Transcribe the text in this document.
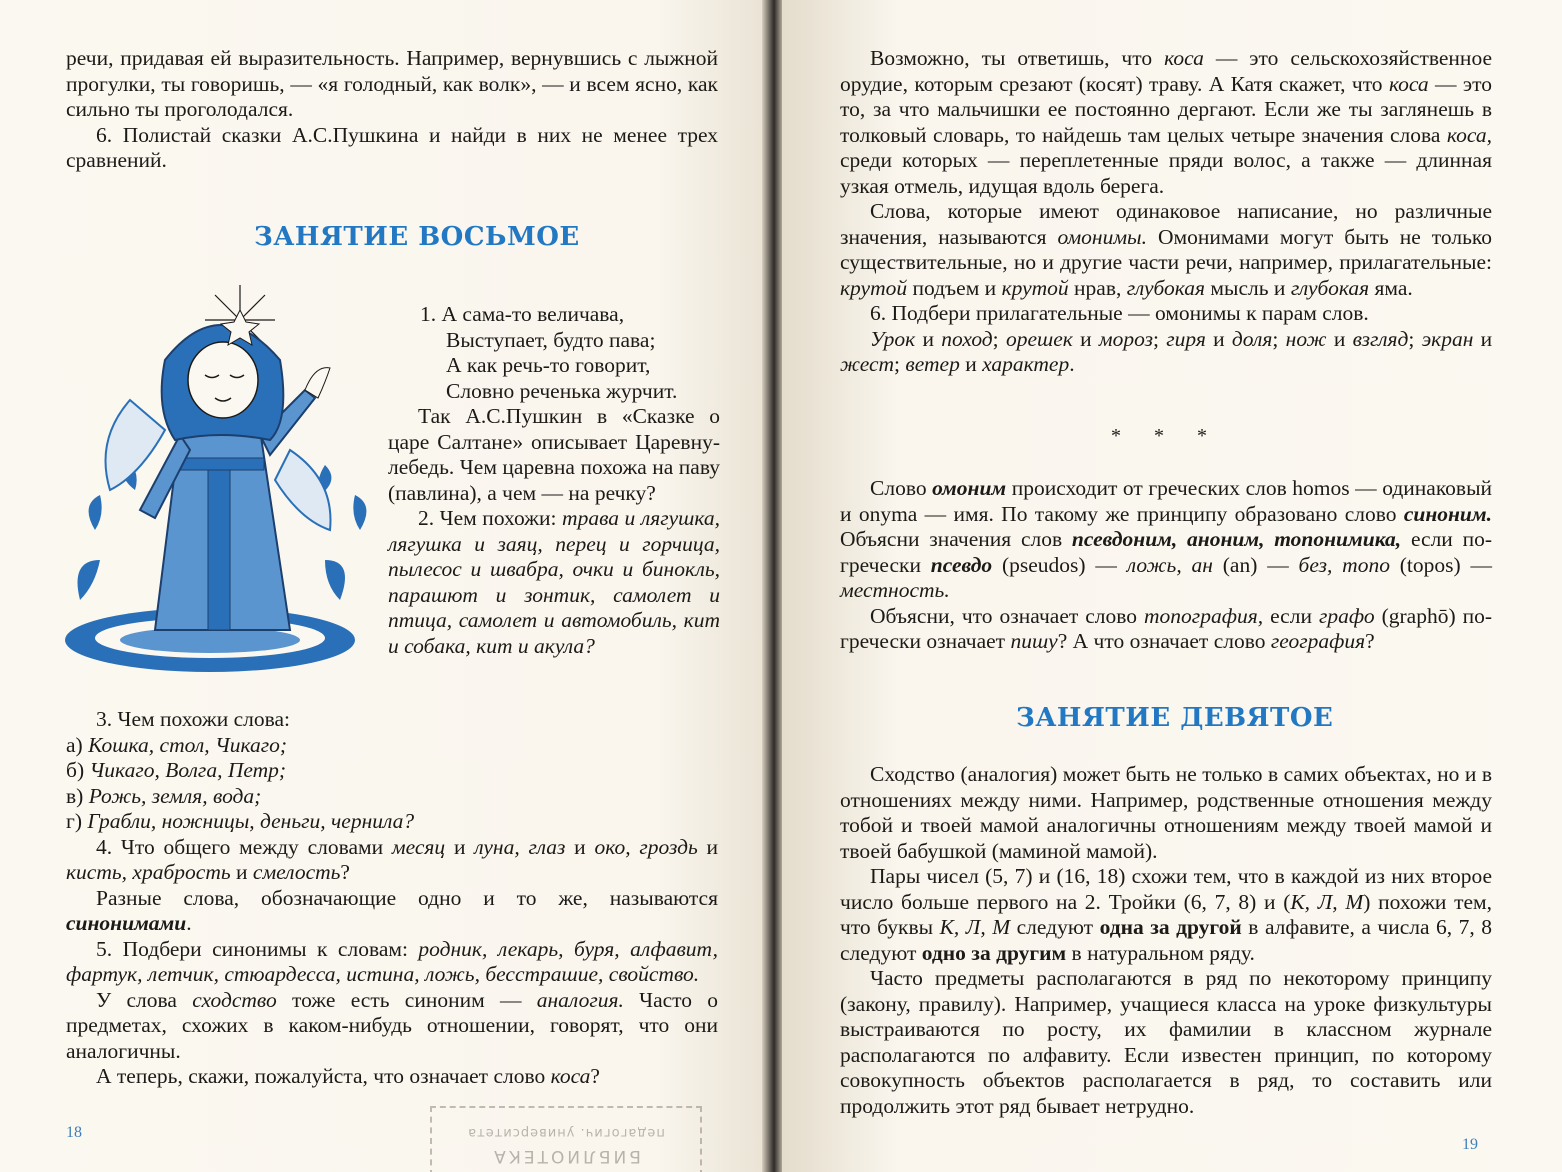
речи, придавая ей выразительность. Например, вернувшись с лыжной прогулки, ты говоришь, — «я голодный, как волк», — и всем ясно, как сильно ты проголодался.

6. Полистай сказки А.С.Пушкина и найди в них не менее трех сравнений.

ЗАНЯТИЕ ВОСЬМОЕ
1. А сама-то величава,
Выступает, будто пава;
А как речь-то говорит,
Словно реченька журчит.

Так А.С.Пушкин в «Сказке о царе Салтане» описывает Царевну-лебедь. Чем царевна похожа на паву (павлина), а чем — на речку?

2. Чем похожи: трава и лягушка, лягушка и заяц, перец и горчица, пылесос и швабра, очки и бинокль, парашют и зонтик, самолет и птица, самолет и автомобиль, кит и собака, кит и акула?

3. Чем похожи слова:

а) Кошка, стол, Чикаго;

б) Чикаго, Волга, Петр;

в) Рожь, земля, вода;

г) Грабли, ножницы, деньги, чернила?

4. Что общего между словами месяц и луна, глаз и око, гроздь и кисть, храбрость и смелость?

Разные слова, обозначающие одно и то же, называются синонимами.

5. Подбери синонимы к словам: родник, лекарь, буря, алфавит, фартук, летчик, стюардесса, истина, ложь, бесстрашие, свойство.

У слова сходство тоже есть синоним — аналогия. Часто о предметах, схожих в каком-нибудь отношении, говорят, что они аналогичны.

А теперь, скажи, пожалуйста, что означает слово коса?

18
БИБЛИОТЕКА
педагогич. университета

Возможно, ты ответишь, что коса — это сельскохозяйственное орудие, которым срезают (косят) траву. А Катя скажет, что коса — это то, за что мальчишки ее постоянно дергают. Если же ты заглянешь в толковый словарь, то найдешь там целых четыре значения слова коса, среди которых — переплетенные пряди волос, а также — длинная узкая отмель, идущая вдоль берега.

Слова, которые имеют одинаковое написание, но различные значения, называются омонимы. Омонимами могут быть не только существительные, но и другие части речи, например, прилагательные: крутой подъем и крутой нрав, глубокая мысль и глубокая яма.

6. Подбери прилагательные — омонимы к парам слов.

Урок и поход; орешек и мороз; гиря и доля; нож и взгляд; экран и жест; ветер и характер.

* * *

Слово омоним происходит от греческих слов homos — одинаковый и onyma — имя. По такому же принципу образовано слово синоним. Объясни значения слов псевдоним, аноним, топонимика, если по-гречески псевдо (pseudos) — ложь, ан (an) — без, топо (topos) — местность.

Объясни, что означает слово топография, если графо (graphō) по-гречески означает пишу? А что означает слово география?

ЗАНЯТИЕ ДЕВЯТОЕ

Сходство (аналогия) может быть не только в самих объектах, но и в отношениях между ними. Например, родственные отношения между тобой и твоей мамой аналогичны отношениям между твоей мамой и твоей бабушкой (маминой мамой).

Пары чисел (5, 7) и (16, 18) схожи тем, что в каждой из них второе число больше первого на 2. Тройки (6, 7, 8) и (К, Л, М) похожи тем, что буквы К, Л, М следуют одна за другой в алфавите, а числа 6, 7, 8 следуют одно за другим в натуральном ряду.

Часто предметы располагаются в ряд по некоторому принципу (закону, правилу). Например, учащиеся класса на уроке физкультуры выстраиваются по росту, их фамилии в классном журнале располагаются по алфавиту. Если известен принцип, по которому совокупность объектов располагается в ряд, то составить или продолжить этот ряд бывает нетрудно.

19
